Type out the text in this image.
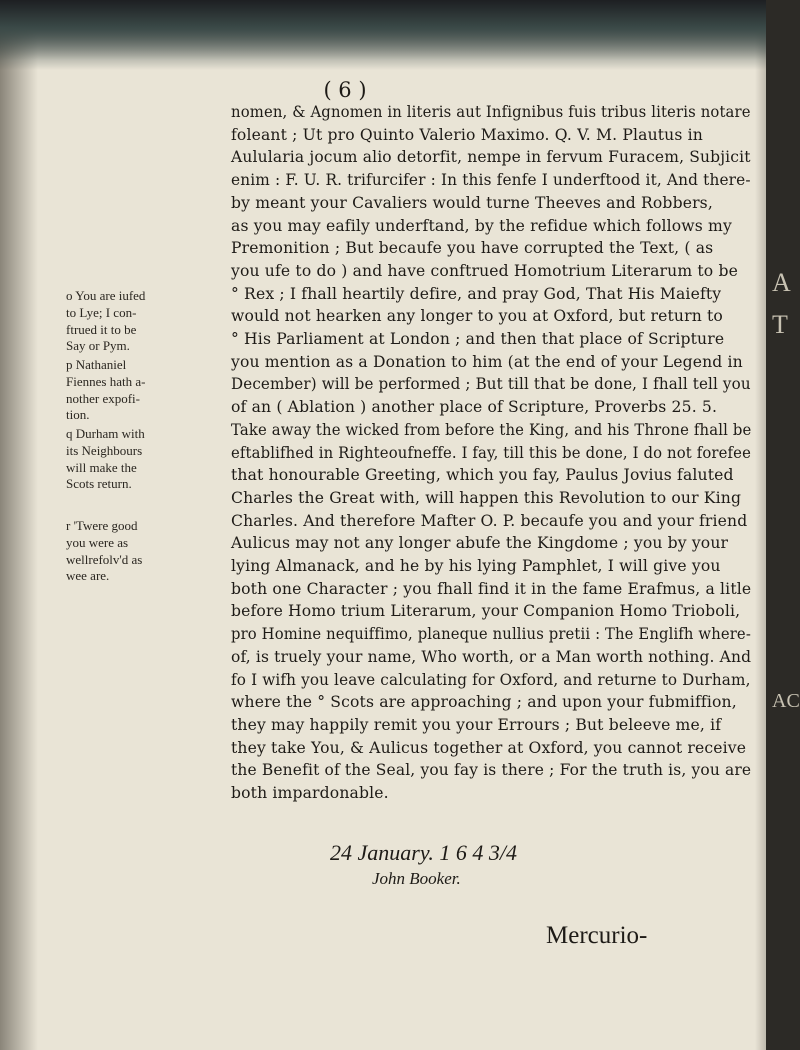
A
T
AC
( 6 )
nomen, & Agnomen in literis aut Infignibus fuis tribus literis notare
foleant ; Ut pro Quinto Valerio Maximo. Q. V. M. Plautus in
Aulularia jocum alio detorfit, nempe in fervum Furacem, Subjicit
enim : F. U. R. trifurcifer : In this fenfe I underftood it, And there-
by meant your Cavaliers would turne Theeves and Robbers,
as you may eafily underftand, by the refidue which follows my
Premonition ; But becaufe you have corrupted the Text, ( as
you ufe to do ) and have conftrued Homotrium Literarum to be
° Rex ; I fhall heartily defire, and pray God, That His Maiefty
would not hearken any longer to you at Oxford, but return to
° His Parliament at London ; and then that place of Scripture
you mention as a Donation to him (at the end of your Legend in
December) will be performed ; But till that be done, I fhall tell you
of an ( Ablation ) another place of Scripture, Proverbs 25. 5.
Take away the wicked from before the King, and his Throne fhall be
eftablifhed in Righteoufneffe. I fay, till this be done, I do not forefee
that honourable Greeting, which you fay, Paulus Jovius faluted
Charles the Great with, will happen this Revolution to our King
Charles. And therefore Mafter O. P. becaufe you and your friend
Aulicus may not any longer abufe the Kingdome ; you by your
lying Almanack, and he by his lying Pamphlet, I will give you
both one Character ; you fhall find it in the fame Erafmus, a litle
before Homo trium Literarum, your Companion Homo Trioboli,
pro Homine nequiffimo, planeque nullius pretii : The Englifh where-
of, is truely your name, Who worth, or a Man worth nothing. And
fo I wifh you leave calculating for Oxford, and returne to Durham,
where the ° Scots are approaching ; and upon your fubmiffion,
they may happily remit you your Errours ; But beleeve me, if
they take You, & Aulicus together at Oxford, you cannot receive
the Benefit of the Seal, you fay is there ; For the truth is, you are
both impardonable.
o You are iufed
to Lye; I con-
ftrued it to be
Say or Pym.
p Nathaniel
Fiennes hath a-
nother expofi-
tion.
q Durham with
its Neighbours
will make the
Scots return.
r 'Twere good
you were as
wellrefolv'd as
wee are.
24 January. 1 6 4 3/4
John Booker.
Mercurio-
